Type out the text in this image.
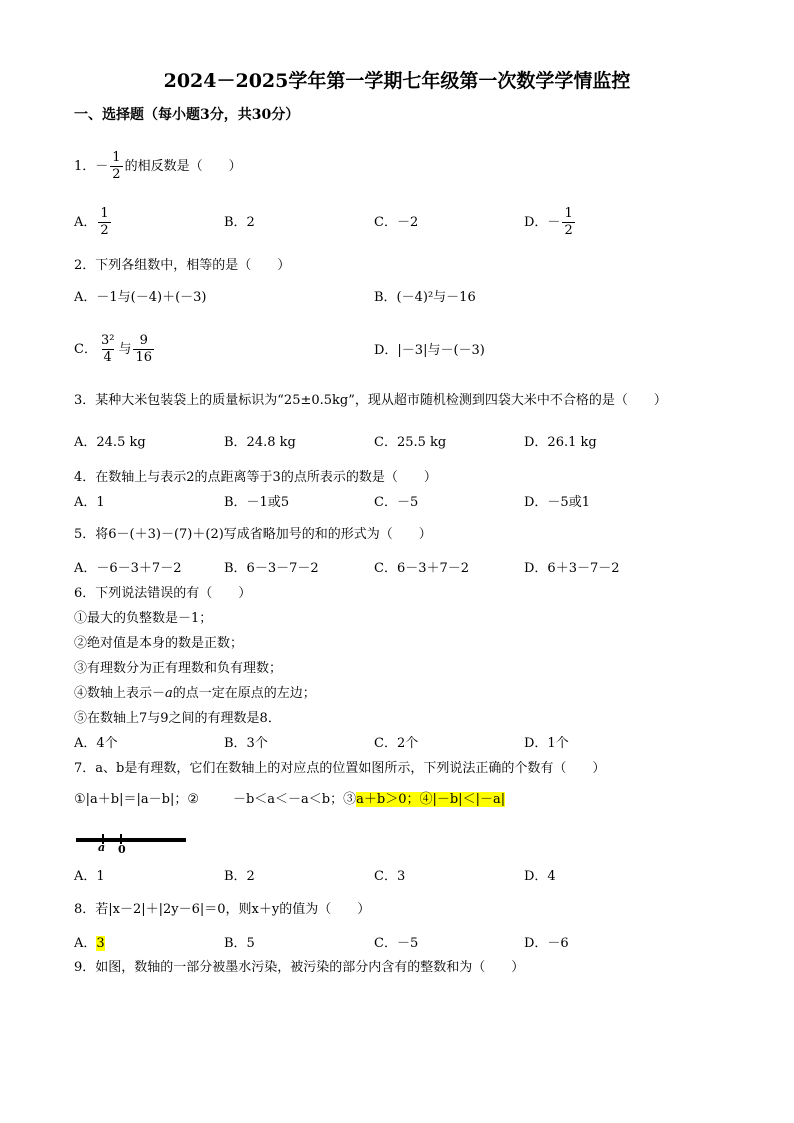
2024－2025学年第一学期七年级第一次数学学情监控
一、选择题（每小题3分，共30分）
1．－ $\frac{1}{2}$ 的相反数是（　　）
A． $\frac{1}{2}$	B．2	C．－2	D．－ $\frac{1}{2}$
2．下列各组数中，相等的是（　　）
A．－1与(－4)＋(－3)	B．(－4)²与－16
C． $\frac{\text{3²}}{4}$ 与 $\frac{9}{16}$	D．|－3|与－(－3)
3．某种大米包装袋上的质量标识为“25±0.5kg”，现从超市随机检测到四袋大米中不合格的是（　　）
A．24.5 kg	B．24.8 kg	C．25.5 kg	D．26.1 kg
4．在数轴上与表示2的点距离等于3的点所表示的数是（　　）
A．1	B．－1或5	C．－5	D．－5或1
5．将6－(＋3)－(7)＋(2)写成省略加号的和的形式为（　　）
A．－6－3＋7－2	B．6－3－7－2	C．6－3＋7－2	D．6＋3－7－2
6．下列说法错误的有（　　）
①最大的负整数是－1；
②绝对值是本身的数是正数；
③有理数分为正有理数和负有理数；
④数轴上表示－a的点一定在原点的左边；
⑤在数轴上7与9之间的有理数是8．
A．4个	B．3个	C．2个	D．1个
7．a、b是有理数，它们在数轴上的对应点的位置如图所示，下列说法正确的个数有（　　）
①|a＋b|＝|a－b|；②	－b＜a＜－a＜b；③a＋b＞0；④|－b|＜|－a|
a 0
A．1	B．2	C．3	D．4
8．若|x－2|＋|2y－6|＝0，则x＋y的值为（　　）
A．3	B．5	C．－5	D．－6
9．如图，数轴的一部分被墨水污染，被污染的部分内含有的整数和为（　　）
